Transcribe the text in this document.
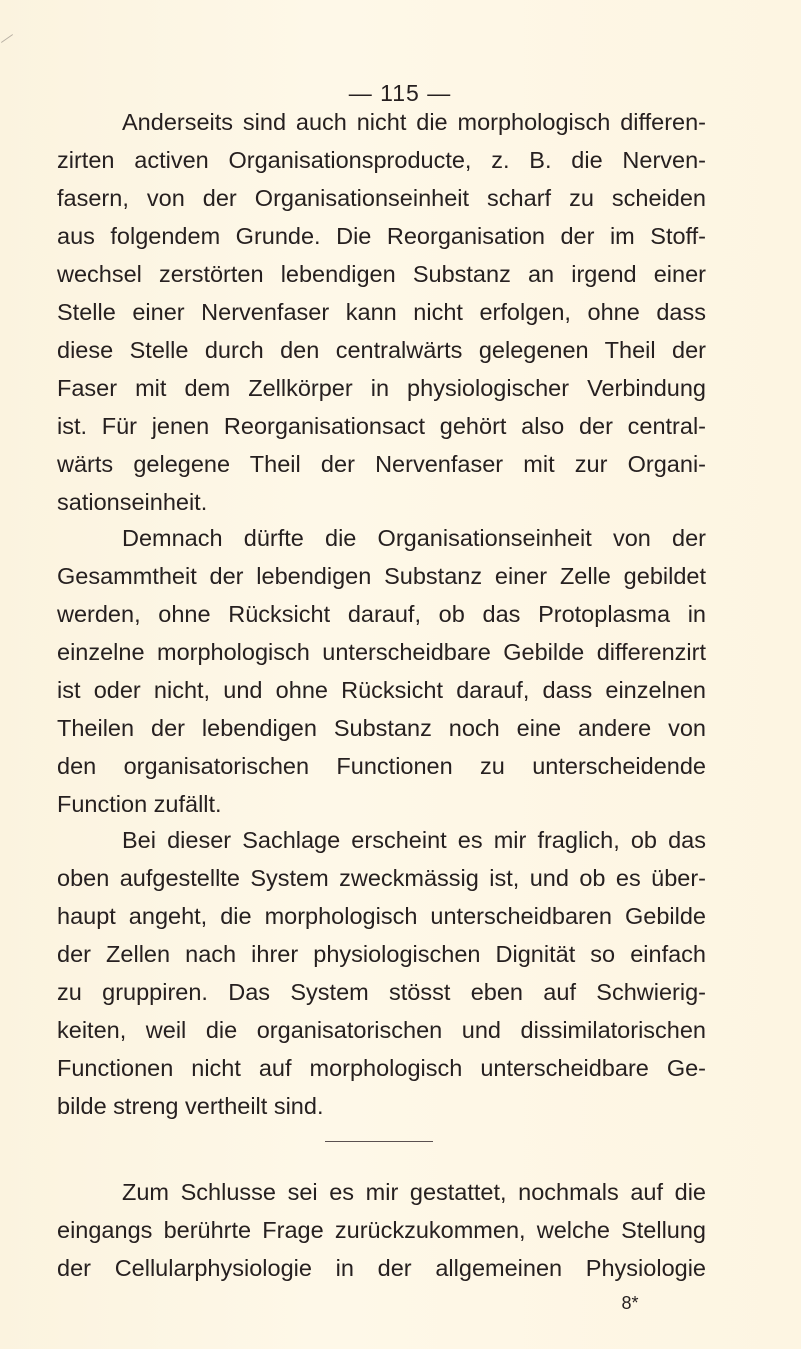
— 115 —
Anderseits sind auch nicht die morphologisch differen-
zirten activen Organisationsproducte, z. B. die Nerven-
fasern, von der Organisationseinheit scharf zu scheiden
aus folgendem Grunde. Die Reorganisation der im Stoff-
wechsel zerstörten lebendigen Substanz an irgend einer
Stelle einer Nervenfaser kann nicht erfolgen, ohne dass
diese Stelle durch den centralwärts gelegenen Theil der
Faser mit dem Zellkörper in physiologischer Verbindung
ist. Für jenen Reorganisationsact gehört also der central-
wärts gelegene Theil der Nervenfaser mit zur Organi-
sationseinheit.
Demnach dürfte die Organisationseinheit von der
Gesammtheit der lebendigen Substanz einer Zelle gebildet
werden, ohne Rücksicht darauf, ob das Protoplasma in
einzelne morphologisch unterscheidbare Gebilde differenzirt
ist oder nicht, und ohne Rücksicht darauf, dass einzelnen
Theilen der lebendigen Substanz noch eine andere von
den organisatorischen Functionen zu unterscheidende
Function zufällt.
Bei dieser Sachlage erscheint es mir fraglich, ob das
oben aufgestellte System zweckmässig ist, und ob es über-
haupt angeht, die morphologisch unterscheidbaren Gebilde
der Zellen nach ihrer physiologischen Dignität so einfach
zu gruppiren. Das System stösst eben auf Schwierig-
keiten, weil die organisatorischen und dissimilatorischen
Functionen nicht auf morphologisch unterscheidbare Ge-
bilde streng vertheilt sind.
Zum Schlusse sei es mir gestattet, nochmals auf die
eingangs berührte Frage zurückzukommen, welche Stellung
der Cellularphysiologie in der allgemeinen Physiologie
8*
